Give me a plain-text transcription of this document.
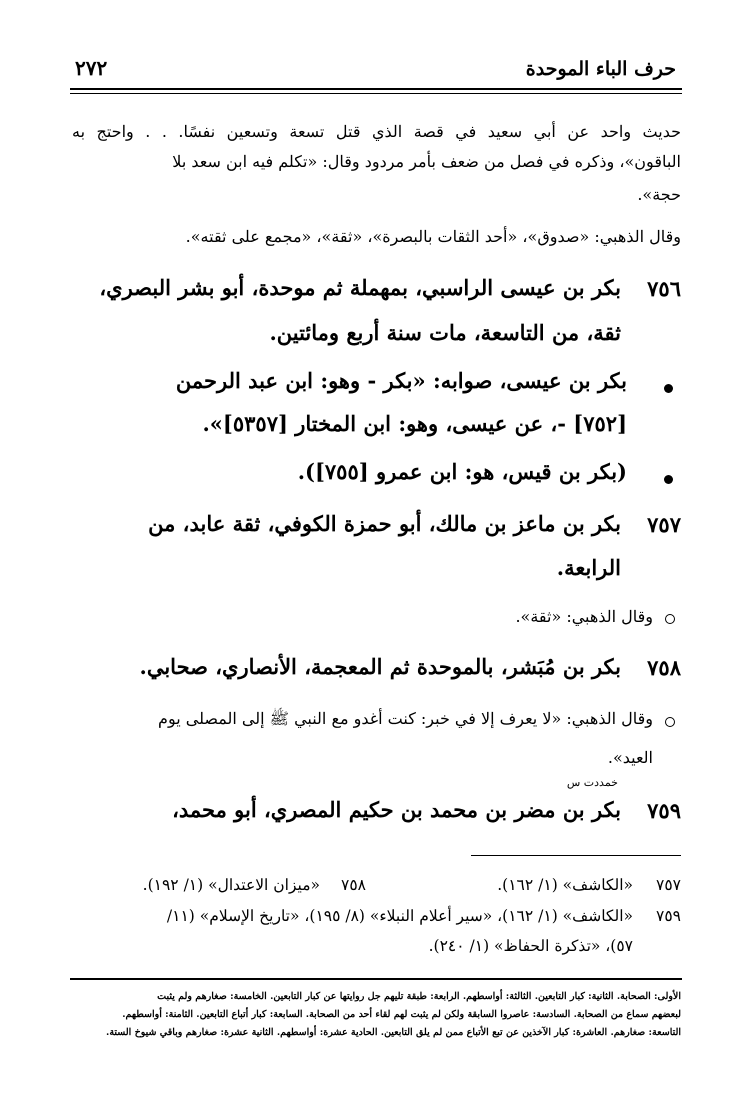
حرف الباء الموحدة
٢٧٢
حديث واحد عن أبي سعيد في قصة الذي قتل تسعة وتسعين نفسًا. . . واحتج به
الباقون»، وذكره في فصل من ضعف بأمر مردود وقال: «تكلم فيه ابن سعد بلا
حجة».
وقال الذهبي: «صدوق»، «أحد الثقات بالبصرة»، «ثقة»، «مجمع على ثقته».
٧٥٦
بكر بن عيسى الراسبي، بمهملة ثم موحدة، أبو بشر البصري،
ثقة، من التاسعة، مات سنة أربع ومائتين.
بكر بن عيسى، صوابه: «بكر - وهو: ابن عبد الرحمن
[٧٥٢] -، عن عيسى، وهو: ابن المختار [٥٣٥٧]».
(بكر بن قيس، هو: ابن عمرو [٧٥٥]).
٧٥٧
بكر بن ماعز بن مالك، أبو حمزة الكوفي، ثقة عابد، من
الرابعة.
وقال الذهبي: «ثقة».
٧٥٨
بكر بن مُبَشر، بالموحدة ثم المعجمة، الأنصاري، صحابي.
وقال الذهبي: «لا يعرف إلا في خبر: كنت أغدو مع النبي ﷺ إلى المصلى يوم
العيد».
خمددت س
٧٥٩
بكر بن مضر بن محمد بن حكيم المصري، أبو محمد،
٧٥٧
«الكاشف» (١/ ١٦٢).
٧٥٨
«ميزان الاعتدال» (١/ ١٩٢).
٧٥٩
«الكاشف» (١/ ١٦٢)، «سير أعلام النبلاء» (٨/ ١٩٥)، «تاريخ الإسلام» (١١/
٥٧)، «تذكرة الحفاظ» (١/ ٢٤٠).
الأولى: الصحابة. الثانية: كبار التابعين. الثالثة: أواسطهم. الرابعة: طبقة تليهم جل روايتها عن كبار التابعين. الخامسة: صغارهم ولم يثبت
لبعضهم سماع من الصحابة. السادسة: عاصروا السابقة ولكن لم يثبت لهم لقاء أحد من الصحابة. السابعة: كبار أتباع التابعين. الثامنة: أواسطهم.
التاسعة: صغارهم. العاشرة: كبار الآخذين عن تبع الأتباع ممن لم يلق التابعين. الحادية عشرة: أواسطهم. الثانية عشرة: صغارهم وباقي شيوخ الستة.
